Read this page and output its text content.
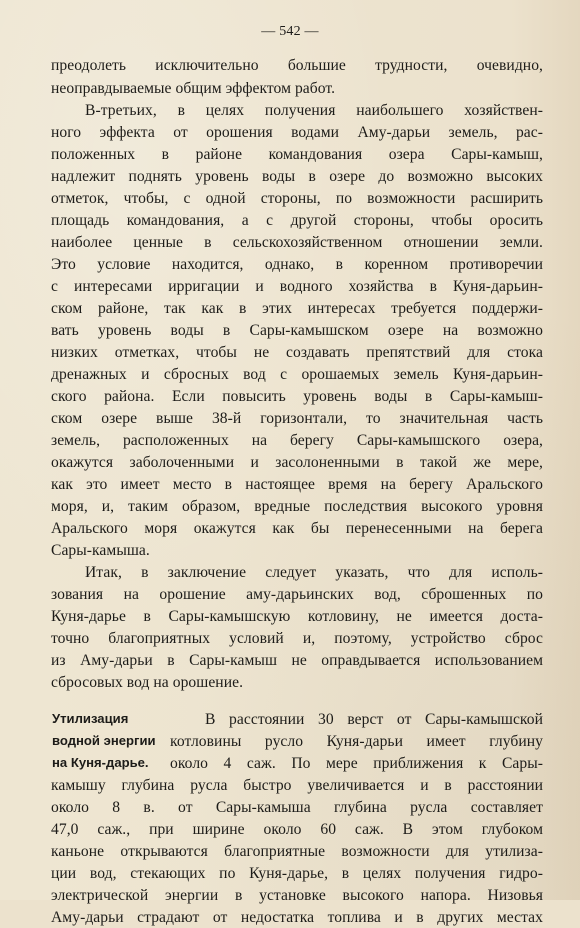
— 542 —
преодолеть исключительно большие трудности, очевидно,
неоправдываемые общим эффектом работ.
В-третьих, в целях получения наибольшего хозяйствен-
ного эффекта от орошения водами Аму-дарьи земель, рас-
положенных в районе командования озера Сары-камыш,
надлежит поднять уровень воды в озере до возможно высоких
отметок, чтобы, с одной стороны, по возможности расширить
площадь командования, а с другой стороны, чтобы оросить
наиболее ценные в сельскохозяйственном отношении земли.
Это условие находится, однако, в коренном противоречии
с интересами ирригации и водного хозяйства в Куня-дарьин-
ском районе, так как в этих интересах требуется поддержи-
вать уровень воды в Сары-камышском озере на возможно
низких отметках, чтобы не создавать препятствий для стока
дренажных и сбросных вод с орошаемых земель Куня-дарьин-
ского района. Если повысить уровень воды в Сары-камыш-
ском озере выше 38-й горизонтали, то значительная часть
земель, расположенных на берегу Сары-камышского озера,
окажутся заболоченными и засолоненными в такой же мере,
как это имеет место в настоящее время на берегу Аральского
моря, и, таким образом, вредные последствия высокого уровня
Аральского моря окажутся как бы перенесенными на берега
Сары-камыша.
Итак, в заключение следует указать, что для исполь-
зования на орошение аму-дарьинских вод, сброшенных по
Куня-дарье в Сары-камышскую котловину, не имеется доста-
точно благоприятных условий и, поэтому, устройство сброс
из Аму-дарьи в Сары-камыш не оправдывается использованием
сбросовых вод на орошение.
Утилизация
водной энергии
на Куня-дарье.
В расстоянии 30 верст от Сары-камышской
котловины русло Куня-дарьи имеет глубину
около 4 саж. По мере приближения к Сары-
камышу глубина русла быстро увеличивается и в расстоянии
около 8 в. от Сары-камыша глубина русла составляет
47,0 саж., при ширине около 60 саж. В этом глубоком
каньоне открываются благоприятные возможности для утилиза-
ции вод, стекающих по Куня-дарье, в целях получения гидро-
электрической энергии в установке высокого напора. Низовья
Аму-дарьи страдают от недостатка топлива и в других местах
